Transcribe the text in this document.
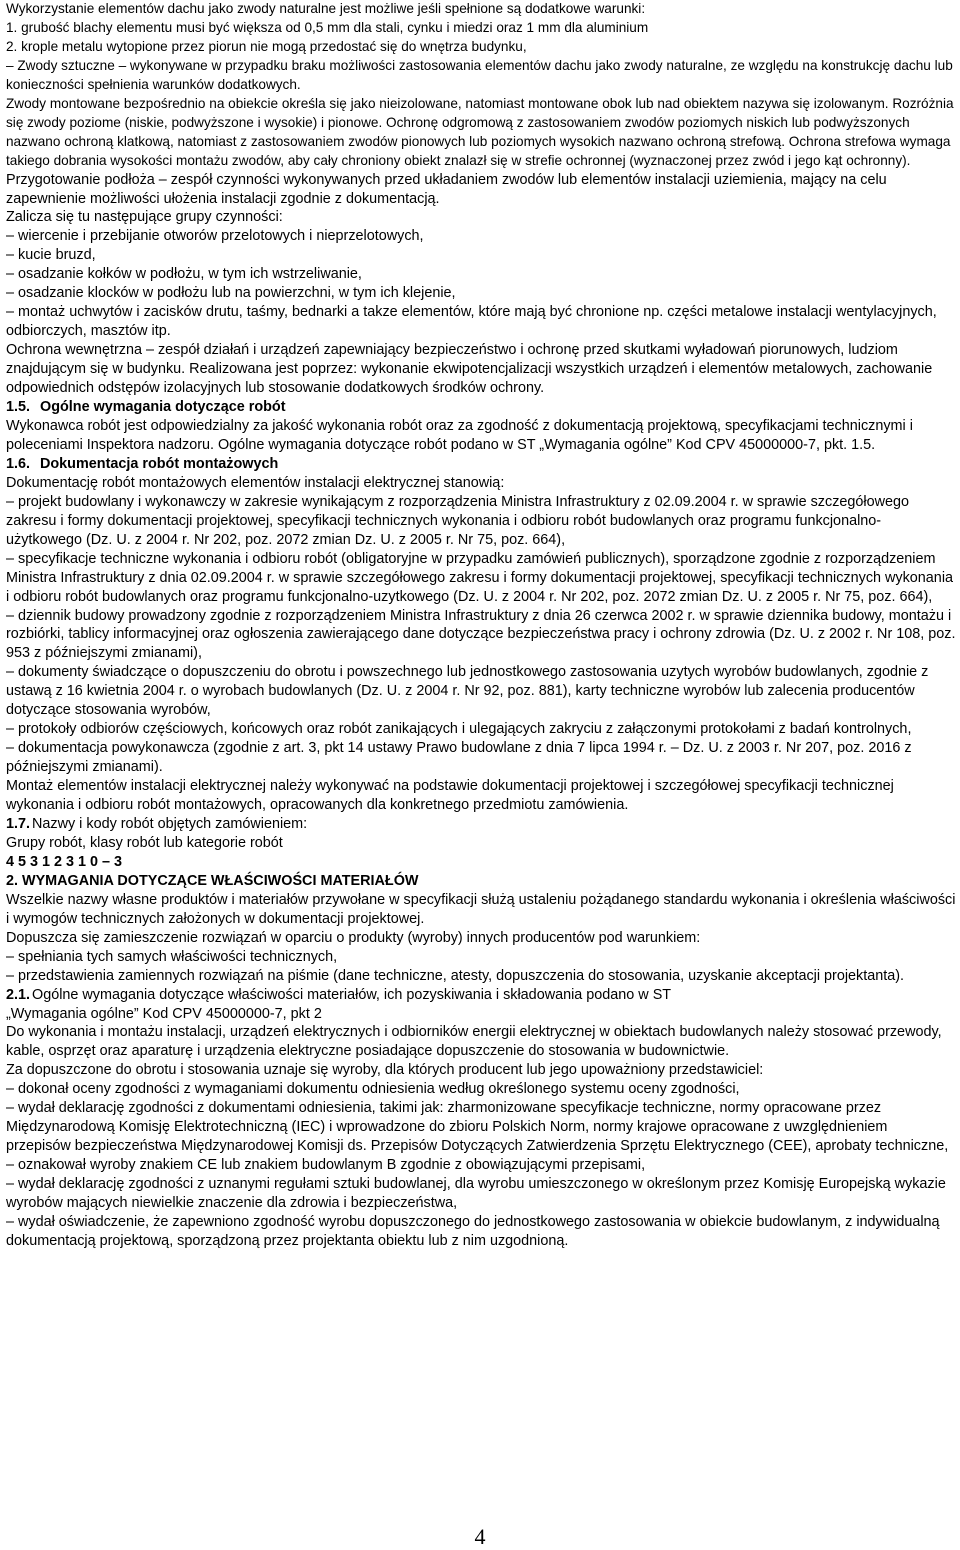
Wykorzystanie elementów dachu jako zwody naturalne jest możliwe jeśli spełnione są dodatkowe warunki:

1. grubość blachy elementu musi być większa od 0,5 mm dla stali, cynku i miedzi oraz 1 mm dla aluminium

2. krople metalu wytopione przez piorun nie mogą przedostać się do wnętrza budynku,

– Zwody sztuczne – wykonywane w przypadku braku możliwości zastosowania elementów dachu jako zwody naturalne, ze względu na konstrukcję dachu lub konieczności spełnienia warunków dodatkowych.

Zwody montowane bezpośrednio na obiekcie określa się jako nieizolowane, natomiast montowane obok lub nad obiektem nazywa się izolowanym. Rozróżnia się zwody poziome (niskie, podwyższone i wysokie) i pionowe. Ochronę odgromową z zastosowaniem zwodów poziomych niskich lub podwyższonych nazwano ochroną klatkową, natomiast z zastosowaniem zwodów pionowych lub poziomych wysokich nazwano ochroną strefową. Ochrona strefowa wymaga takiego dobrania wysokości montażu zwodów, aby cały chroniony obiekt znalazł się w strefie ochronnej (wyznaczonej przez zwód i jego kąt ochronny).

Przygotowanie podłoża – zespół czynności wykonywanych przed układaniem zwodów lub elementów instalacji uziemienia, mający na celu zapewnienie możliwości ułożenia instalacji zgodnie z dokumentacją.

Zalicza się tu następujące grupy czynności:

– wiercenie i przebijanie otworów przelotowych i nieprzelotowych,

– kucie bruzd,

– osadzanie kołków w podłożu, w tym ich wstrzeliwanie,

– osadzanie klocków w podłożu lub na powierzchni, w tym ich klejenie,

– montaż uchwytów i zacisków drutu, taśmy, bednarki a takze elementów, które mają być chronione np. części metalowe instalacji wentylacyjnych, odbiorczych, masztów itp.

Ochrona wewnętrzna – zespół działań i urządzeń zapewniający bezpieczeństwo i ochronę przed skutkami wyładowań piorunowych, ludziom znajdującym się w budynku. Realizowana jest poprzez: wykonanie ekwipotencjalizacji wszystkich urządzeń i elementów metalowych, zachowanie odpowiednich odstępów izolacyjnych lub stosowanie dodatkowych środków ochrony.

1.5. Ogólne wymagania dotyczące robót

Wykonawca robót jest odpowiedzialny za jakość wykonania robót oraz za zgodność z dokumentacją projektową, specyfikacjami technicznymi i poleceniami Inspektora nadzoru. Ogólne wymagania dotyczące robót podano w ST „Wymagania ogólne” Kod CPV 45000000-7, pkt. 1.5.

1.6. Dokumentacja robót montażowych

Dokumentację robót montażowych elementów instalacji elektrycznej stanowią:

– projekt budowlany i wykonawczy w zakresie wynikającym z rozporządzenia Ministra Infrastruktury z 02.09.2004 r. w sprawie szczegółowego zakresu i formy dokumentacji projektowej, specyfikacji technicznych wykonania i odbioru robót budowlanych oraz programu funkcjonalno-użytkowego (Dz. U. z 2004 r. Nr 202, poz. 2072 zmian Dz. U. z 2005 r. Nr 75, poz. 664),

– specyfikacje techniczne wykonania i odbioru robót (obligatoryjne w przypadku zamówień publicznych), sporządzone zgodnie z rozporządzeniem Ministra Infrastruktury z dnia 02.09.2004 r. w sprawie szczegółowego zakresu i formy dokumentacji projektowej, specyfikacji technicznych wykonania i odbioru robót budowlanych oraz programu funkcjonalno-uzytkowego (Dz. U. z 2004 r. Nr 202, poz. 2072 zmian Dz. U. z 2005 r. Nr 75, poz. 664),

– dziennik budowy prowadzony zgodnie z rozporządzeniem Ministra Infrastruktury z dnia 26 czerwca 2002 r. w sprawie dziennika budowy, montażu i rozbiórki, tablicy informacyjnej oraz ogłoszenia zawierającego dane dotyczące bezpieczeństwa pracy i ochrony zdrowia (Dz. U. z 2002 r. Nr 108, poz. 953 z późniejszymi zmianami),

– dokumenty świadczące o dopuszczeniu do obrotu i powszechnego lub jednostkowego zastosowania uzytych wyrobów budowlanych, zgodnie z ustawą z 16 kwietnia 2004 r. o wyrobach budowlanych (Dz. U. z 2004 r. Nr 92, poz. 881), karty techniczne wyrobów lub zalecenia producentów dotyczące stosowania wyrobów,

– protokoły odbiorów częściowych, końcowych oraz robót zanikających i ulegających zakryciu z załączonymi protokołami z badań kontrolnych,

– dokumentacja powykonawcza (zgodnie z art. 3, pkt 14 ustawy Prawo budowlane z dnia 7 lipca 1994 r. – Dz. U. z 2003 r. Nr 207, poz. 2016 z późniejszymi zmianami).

Montaż elementów instalacji elektrycznej należy wykonywać na podstawie dokumentacji projektowej i szczegółowej specyfikacji technicznej wykonania i odbioru robót montażowych, opracowanych dla konkretnego przedmiotu zamówienia.

1.7. Nazwy i kody robót objętych zamówieniem:

Grupy robót, klasy robót lub kategorie robót

4 5 3 1 2 3 1 0 – 3

2. WYMAGANIA DOTYCZĄCE WŁAŚCIWOŚCI MATERIAŁÓW

Wszelkie nazwy własne produktów i materiałów przywołane w specyfikacji służą ustaleniu pożądanego standardu wykonania i określenia właściwości i wymogów technicznych założonych w dokumentacji projektowej.

Dopuszcza się zamieszczenie rozwiązań w oparciu o produkty (wyroby) innych producentów pod warunkiem:

– spełniania tych samych właściwości technicznych,

– przedstawienia zamiennych rozwiązań na piśmie (dane techniczne, atesty, dopuszczenia do stosowania, uzyskanie akceptacji projektanta).

2.1. Ogólne wymagania dotyczące właściwości materiałów, ich pozyskiwania i składowania podano w ST

„Wymagania ogólne” Kod CPV 45000000-7, pkt 2

Do wykonania i montażu instalacji, urządzeń elektrycznych i odbiorników energii elektrycznej w obiektach budowlanych należy stosować przewody, kable, osprzęt oraz aparaturę i urządzenia elektryczne posiadające dopuszczenie do stosowania w budownictwie.

Za dopuszczone do obrotu i stosowania uznaje się wyroby, dla których producent lub jego upoważniony przedstawiciel:

– dokonał oceny zgodności z wymaganiami dokumentu odniesienia według określonego systemu oceny zgodności,

– wydał deklarację zgodności z dokumentami odniesienia, takimi jak: zharmonizowane specyfikacje techniczne, normy opracowane przez Międzynarodową Komisję Elektrotechniczną (IEC) i wprowadzone do zbioru Polskich Norm, normy krajowe opracowane z uwzględnieniem przepisów bezpieczeństwa Międzynarodowej Komisji ds. Przepisów Dotyczących Zatwierdzenia Sprzętu Elektrycznego (CEE), aprobaty techniczne,

– oznakował wyroby znakiem CE lub znakiem budowlanym B zgodnie z obowiązującymi przepisami,

– wydał deklarację zgodności z uznanymi regułami sztuki budowlanej, dla wyrobu umieszczonego w określonym przez Komisję Europejską wykazie wyrobów mających niewielkie znaczenie dla zdrowia i bezpieczeństwa,

– wydał oświadczenie, że zapewniono zgodność wyrobu dopuszczonego do jednostkowego zastosowania w obiekcie budowlanym, z indywidualną dokumentacją projektową, sporządzoną przez projektanta obiektu lub z nim uzgodnioną.

4
